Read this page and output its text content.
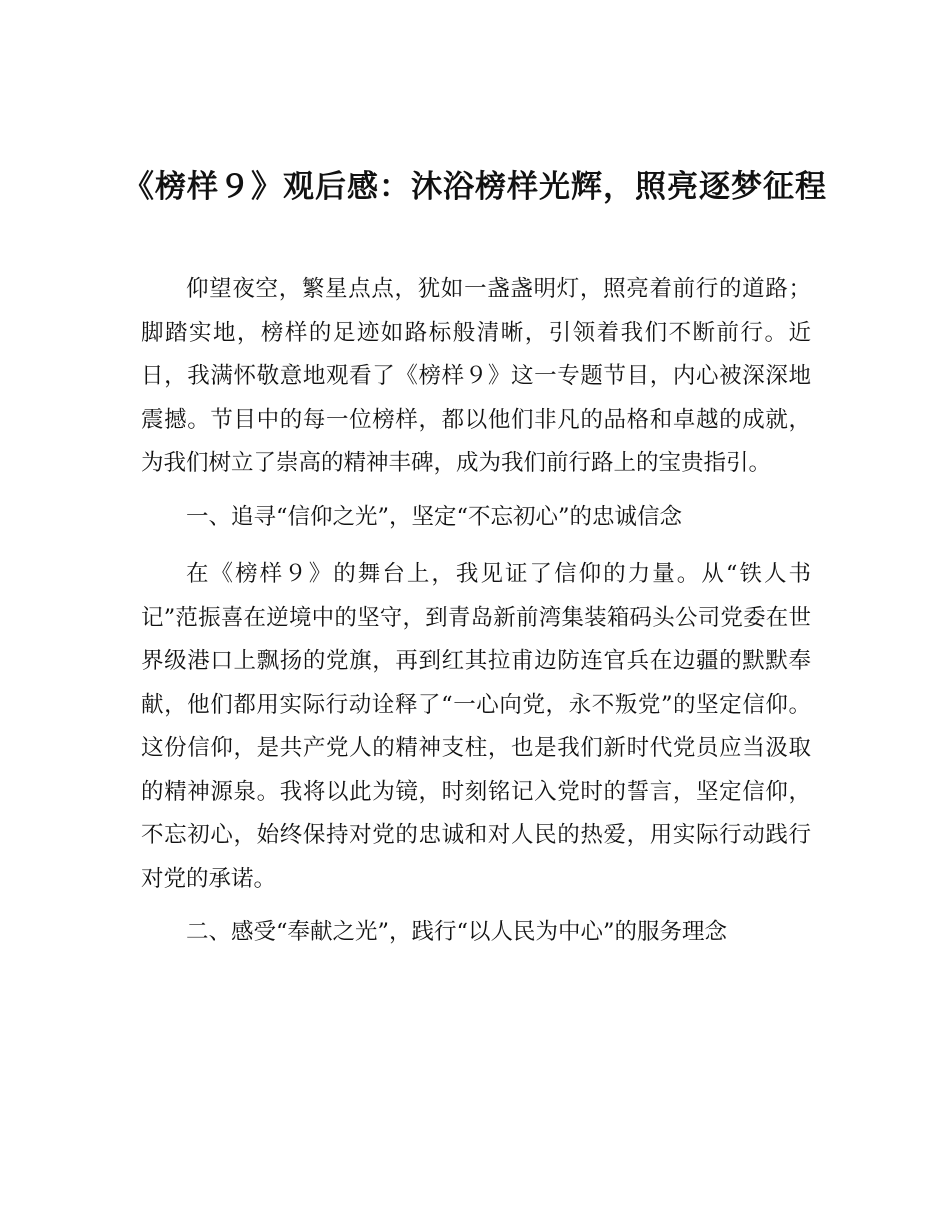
《榜样９》观后感：沐浴榜样光辉，照亮逐梦征程

仰望夜空，繁星点点，犹如一盏盏明灯，照亮着前行的道路；脚踏实地，榜样的足迹如路标般清晰，引领着我们不断前行。近日，我满怀敬意地观看了《榜样９》这一专题节目，内心被深深地震撼。节目中的每一位榜样，都以他们非凡的品格和卓越的成就，为我们树立了崇高的精神丰碑，成为我们前行路上的宝贵指引。

一、追寻“信仰之光”，坚定“不忘初心”的忠诚信念

在《榜样９》的舞台上，我见证了信仰的力量。从“铁人书记”范振喜在逆境中的坚守，到青岛新前湾集装箱码头公司党委在世界级港口上飘扬的党旗，再到红其拉甫边防连官兵在边疆的默默奉献，他们都用实际行动诠释了“一心向党，永不叛党”的坚定信仰。这份信仰，是共产党人的精神支柱，也是我们新时代党员应当汲取的精神源泉。我将以此为镜，时刻铭记入党时的誓言，坚定信仰，不忘初心，始终保持对党的忠诚和对人民的热爱，用实际行动践行对党的承诺。

二、感受“奉献之光”，践行“以人民为中心”的服务理念
